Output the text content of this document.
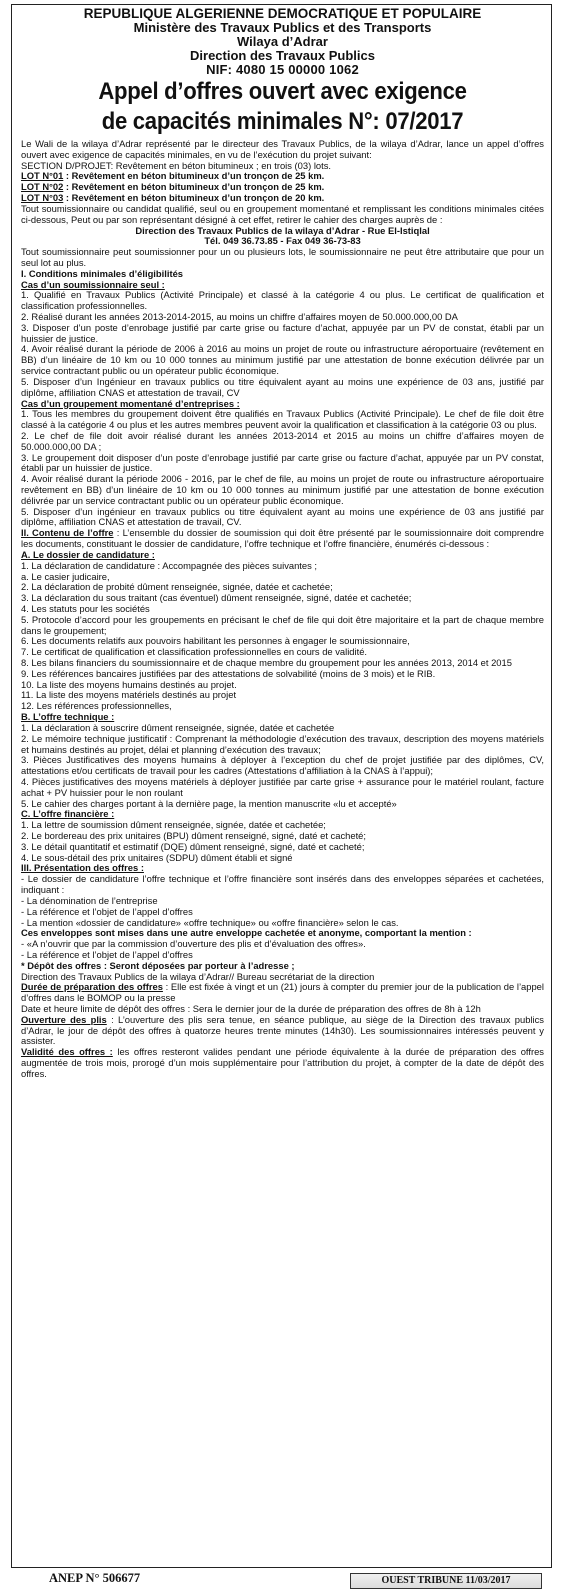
REPUBLIQUE ALGERIENNE DEMOCRATIQUE ET POPULAIRE
Ministère des Travaux Publics et des Transports
Wilaya d’Adrar
Direction des Travaux Publics
NIF: 4080 15 00000 1062
Appel d’offres ouvert avec exigence
de capacités minimales N°: 07/2017

Le Wali de la wilaya d’Adrar représenté par le directeur des Travaux Publics, de la wilaya d’Adrar, lance un appel d’offres ouvert avec exigence de capacités minimales, en vu de l’exécution du projet suivant:

SECTION D/PROJET: Revêtement en béton bitumineux ; en trois (03) lots.

LOT N°01 : Revêtement en béton bitumineux d’un tronçon de 25 km.

LOT N°02 : Revêtement en béton bitumineux d’un tronçon de 25 km.

LOT N°03 : Revêtement en béton bitumineux d’un tronçon de 20 km.

Tout soumissionnaire ou candidat qualifié, seul ou en groupement momentané et remplissant les conditions minimales citées ci-dessous, Peut ou par son représentant désigné à cet effet, retirer le cahier des charges auprès de :

Direction des Travaux Publics de la wilaya d’Adrar - Rue El-Istiqlal

Tél. 049 36.73.85 - Fax 049 36-73-83

Tout soumissionnaire peut soumissionner pour un ou plusieurs lots, le soumissionnaire ne peut être attributaire que pour un seul lot au plus.

I. Conditions minimales d’éligibilités

Cas d’un soumissionnaire seul :

1. Qualifié en Travaux Publics (Activité Principale) et classé à la catégorie 4 ou plus. Le certificat de qualification et classification professionnelles.

2. Réalisé durant les années 2013-2014-2015, au moins un chiffre d’affaires moyen de 50.000.000,00 DA

3. Disposer d’un poste d’enrobage justifié par carte grise ou facture d’achat, appuyée par un PV de constat, établi par un huissier de justice.

4. Avoir réalisé durant la période de 2006 à 2016 au moins un projet de route ou infrastructure aéroportuaire (revêtement en BB) d’un linéaire de 10 km ou 10 000 tonnes au minimum justifié par une attestation de bonne exécution délivrée par un service contractant public ou un opérateur public économique.

5. Disposer d’un Ingénieur en travaux publics ou titre équivalent ayant au moins une expérience de 03 ans, justifié par diplôme, affiliation CNAS et attestation de travail, CV

Cas d’un groupement momentané d’entreprises :

1. Tous les membres du groupement doivent être qualifiés en Travaux Publics (Activité Principale). Le chef de file doit être classé à la catégorie 4 ou plus et les autres membres peuvent avoir la qualification et classification à la catégorie 03 ou plus.

2. Le chef de file doit avoir réalisé durant les années 2013-2014 et 2015 au moins un chiffre d’affaires moyen de 50.000.000,00 DA ;

3. Le groupement doit disposer d’un poste d’enrobage justifié par carte grise ou facture d’achat, appuyée par un PV constat, établi par un huissier de justice.

4. Avoir réalisé durant la période 2006 - 2016, par le chef de file, au moins un projet de route ou infrastructure aéroportuaire revêtement en BB) d’un linéaire de 10 km ou 10 000 tonnes au minimum justifié par une attestation de bonne exécution délivrée par un service contractant public ou un opérateur public économique.

5. Disposer d’un ingénieur en travaux publics ou titre équivalent ayant au moins une expérience de 03 ans justifié par diplôme, affiliation CNAS et attestation de travail, CV.

II. Contenu de l’offre : L’ensemble du dossier de soumission qui doit être présenté par le soumissionnaire doit comprendre les documents, constituant le dossier de candidature, l’offre technique et l’offre financière, énumérés ci-dessous :

A. Le dossier de candidature :

1. La déclaration de candidature : Accompagnée des pièces suivantes ;

a. Le casier judicaire,

2. La déclaration de probité dûment renseignée, signée, datée et cachetée;

3. La déclaration du sous traitant (cas éventuel) dûment renseignée, signé, datée et cachetée;

4. Les statuts pour les sociétés

5. Protocole d’accord pour les groupements en précisant le chef de file qui doit être majoritaire et la part de chaque membre dans le groupement;

6. Les documents relatifs aux pouvoirs habilitant les personnes à engager le soumissionnaire,

7. Le certificat de qualification et classification professionnelles en cours de validité.

8. Les bilans financiers du soumissionnaire et de chaque membre du groupement pour les années 2013, 2014 et 2015

9. Les références bancaires justifiées par des attestations de solvabilité (moins de 3 mois) et le RIB.

10. La liste des moyens humains destinés au projet.

11. La liste des moyens matériels destinés au projet

12. Les références professionnelles,

B. L’offre technique :

1. La déclaration à souscrire dûment renseignée, signée, datée et cachetée

2. Le mémoire technique justificatif : Comprenant la méthodologie d’exécution des travaux, description des moyens matériels et humains destinés au projet, délai et planning d’exécution des travaux;

3. Pièces Justificatives des moyens humains à déployer à l’exception du chef de projet justifiée par des diplômes, CV, attestations et/ou certificats de travail pour les cadres (Attestations d’affiliation à la CNAS à l’appui);

4. Pièces justificatives des moyens matériels à déployer justifiée par carte grise + assurance pour le matériel roulant, facture achat + PV huissier pour le non roulant

5. Le cahier des charges portant à la dernière page, la mention manuscrite «lu et accepté»

C. L’offre financière :

1. La lettre de soumission dûment renseignée, signée, datée et cachetée;

2. Le bordereau des prix unitaires (BPU) dûment renseigné, signé, daté et cacheté;

3. Le détail quantitatif et estimatif (DQE) dûment renseigné, signé, daté et cacheté;

4. Le sous-détail des prix unitaires (SDPU) dûment établi et signé

III. Présentation des offres :

- Le dossier de candidature l’offre technique et l’offre financière sont insérés dans des enveloppes séparées et cachetées, indiquant :

- La dénomination de l’entreprise

- La référence et l’objet de l’appel d’offres

- La mention «dossier de candidature» «offre technique» ou «offre financière» selon le cas.

Ces enveloppes sont mises dans une autre enveloppe cachetée et anonyme, comportant la mention :

- «A n’ouvrir que par la commission d’ouverture des plis et d’évaluation des offres».

- La référence et l’objet de l’appel d’offres

* Dépôt des offres : Seront déposées par porteur à l’adresse ;

Direction des Travaux Publics de la wilaya d’Adrar// Bureau secrétariat de la direction

Durée de préparation des offres : Elle est fixée à vingt et un (21) jours à compter du premier jour de la publication de l’appel d’offres dans le BOMOP ou la presse

Date et heure limite de dépôt des offres : Sera le dernier jour de la durée de préparation des offres de 8h à 12h

Ouverture des plis : L’ouverture des plis sera tenue, en séance publique, au siège de la Direction des travaux publics d’Adrar, le jour de dépôt des offres à quatorze heures trente minutes (14h30). Les soumissionnaires intéressés peuvent y assister.

Validité des offres : les offres resteront valides pendant une période équivalente à la durée de préparation des offres augmentée de trois mois, prorogé d’un mois supplémentaire pour l’attribution du projet, à compter de la date de dépôt des offres.

ANEP N° 506677	OUEST TRIBUNE 11/03/2017
